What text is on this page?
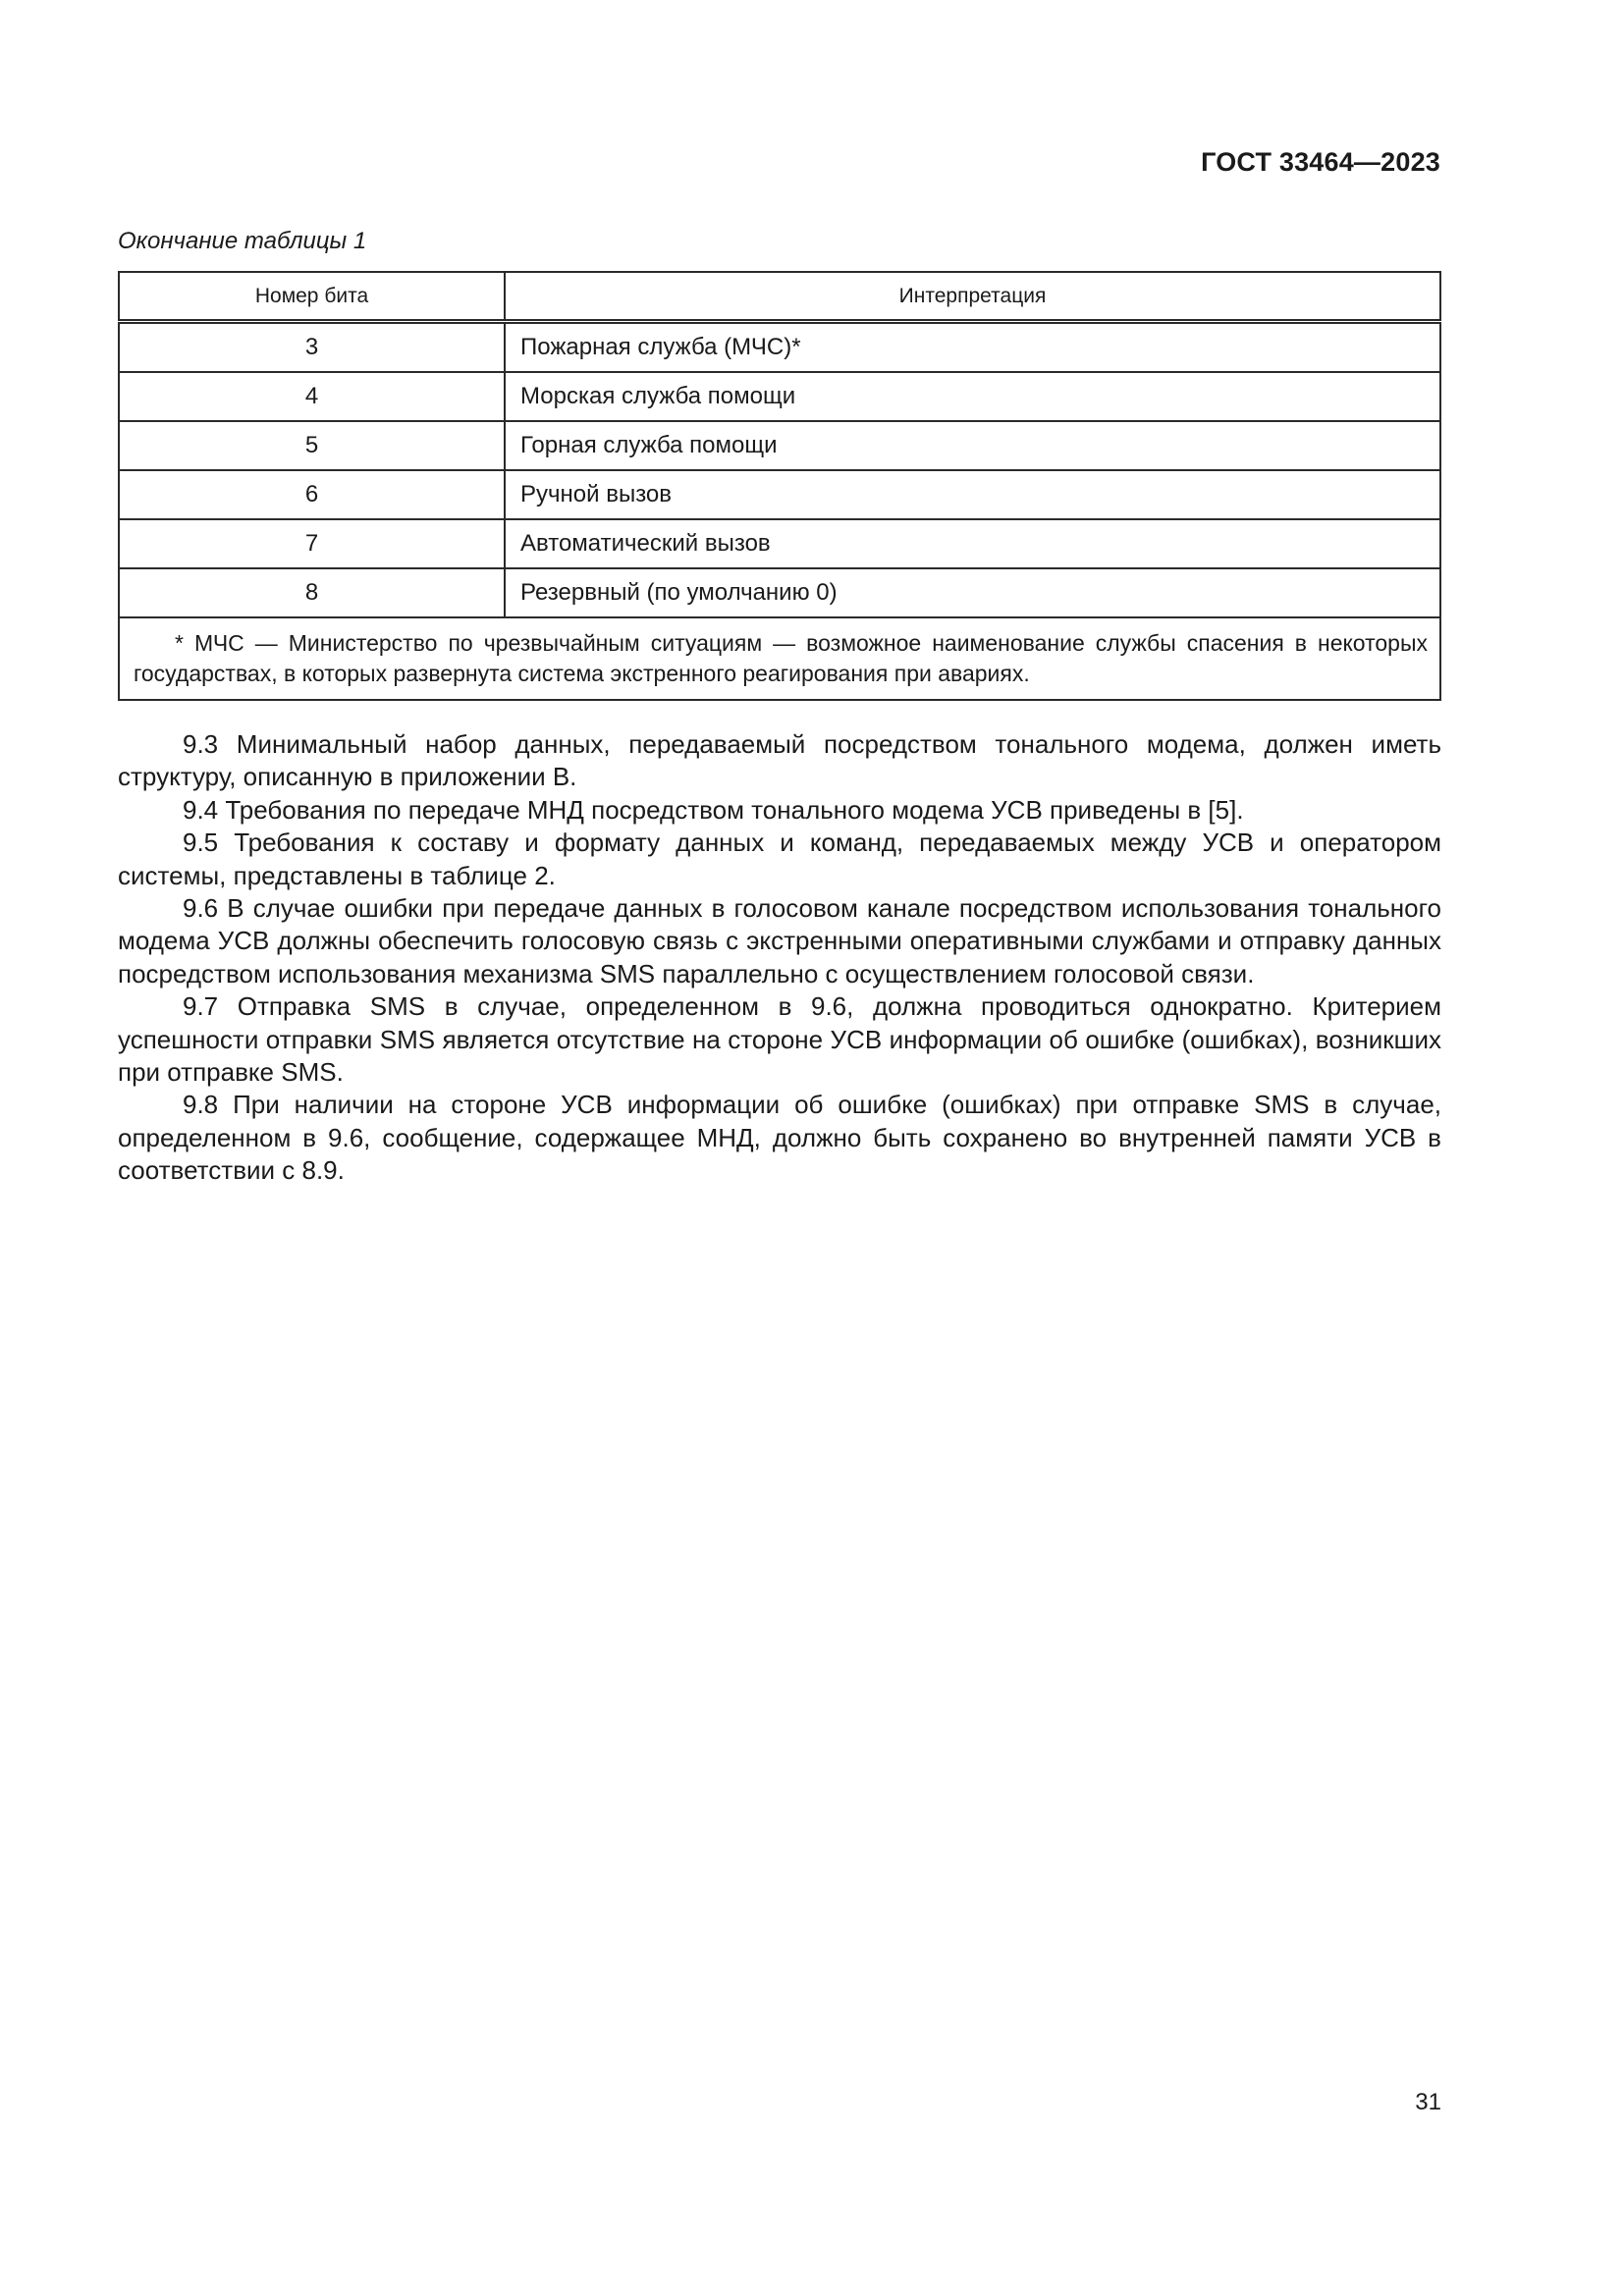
ГОСТ 33464—2023
Окончание таблицы 1
Номер бита	Интерпретация
3	Пожарная служба (МЧС)*
4	Морская служба помощи
5	Горная служба помощи
6	Ручной вызов
7	Автоматический вызов
8	Резервный (по умолчанию 0)
* МЧС — Министерство по чрезвычайным ситуациям — возможное наименование службы спасения в некоторых государствах, в которых развернута система экстренного реагирования при авариях.	

9.3 Минимальный набор данных, передаваемый посредством тонального модема, должен иметь структуру, описанную в приложении В.

9.4 Требования по передаче МНД посредством тонального модема УСВ приведены в [5].

9.5 Требования к составу и формату данных и команд, передаваемых между УСВ и оператором системы, представлены в таблице 2.

9.6 В случае ошибки при передаче данных в голосовом канале посредством использования тонального модема УСВ должны обеспечить голосовую связь с экстренными оперативными службами и отправку данных посредством использования механизма SMS параллельно с осуществлением голосовой связи.

9.7 Отправка SMS в случае, определенном в 9.6, должна проводиться однократно. Критерием успешности отправки SMS является отсутствие на стороне УСВ информации об ошибке (ошибках), возникших при отправке SMS.

9.8 При наличии на стороне УСВ информации об ошибке (ошибках) при отправке SMS в случае, определенном в 9.6, сообщение, содержащее МНД, должно быть сохранено во внутренней памяти УСВ в соответствии с 8.9.

31
